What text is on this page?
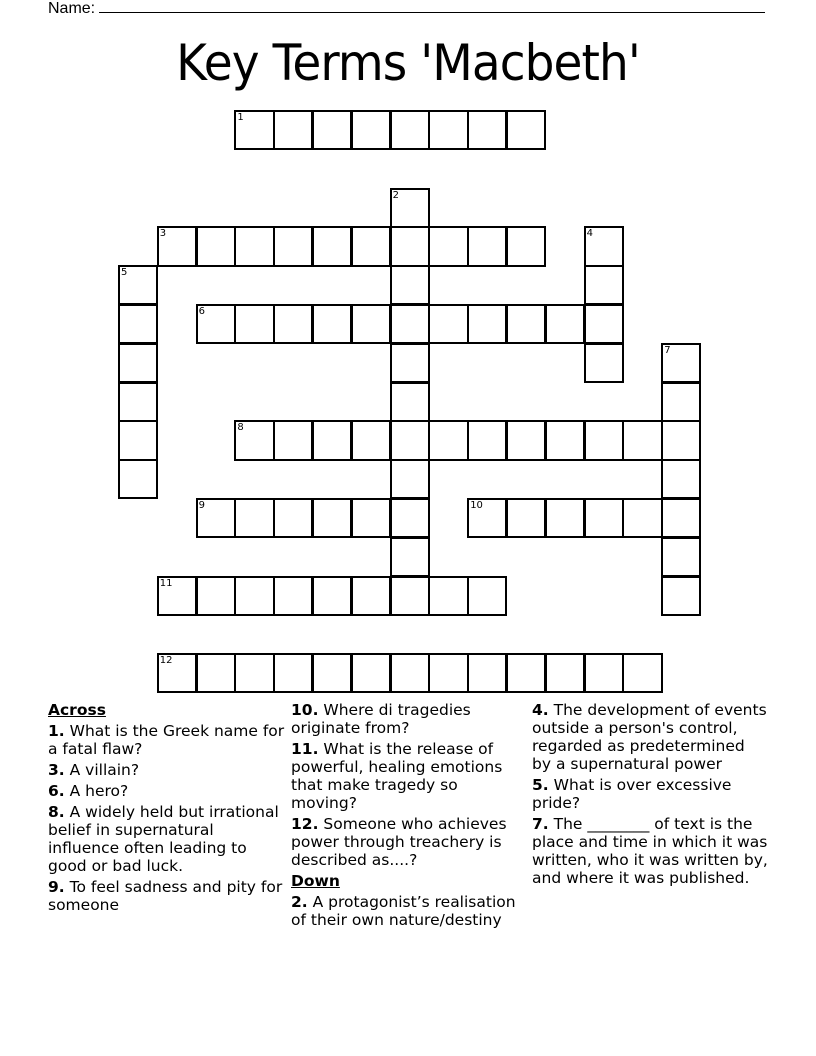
Name:
Key Terms 'Macbeth'
1
2
3	4
5
6
7
8
9	10
11
12
Across
1. What is the Greek name for a fatal flaw?
3. A villain?
6. A hero?
8. A widely held but irrational belief in supernatural influence often leading to good or bad luck.
9. To feel sadness and pity for someone
10. Where di tragedies originate from?
11. What is the release of powerful, healing emotions that make tragedy so moving?
12. Someone who achieves power through treachery is described as....?
Down
2. A protagonist’s realisation of their own nature/destiny
4. The development of events outside a person's control, regarded as predetermined by a supernatural power
5. What is over excessive pride?
7. The ________ of text is the place and time in which it was written, who it was written by, and where it was published.
